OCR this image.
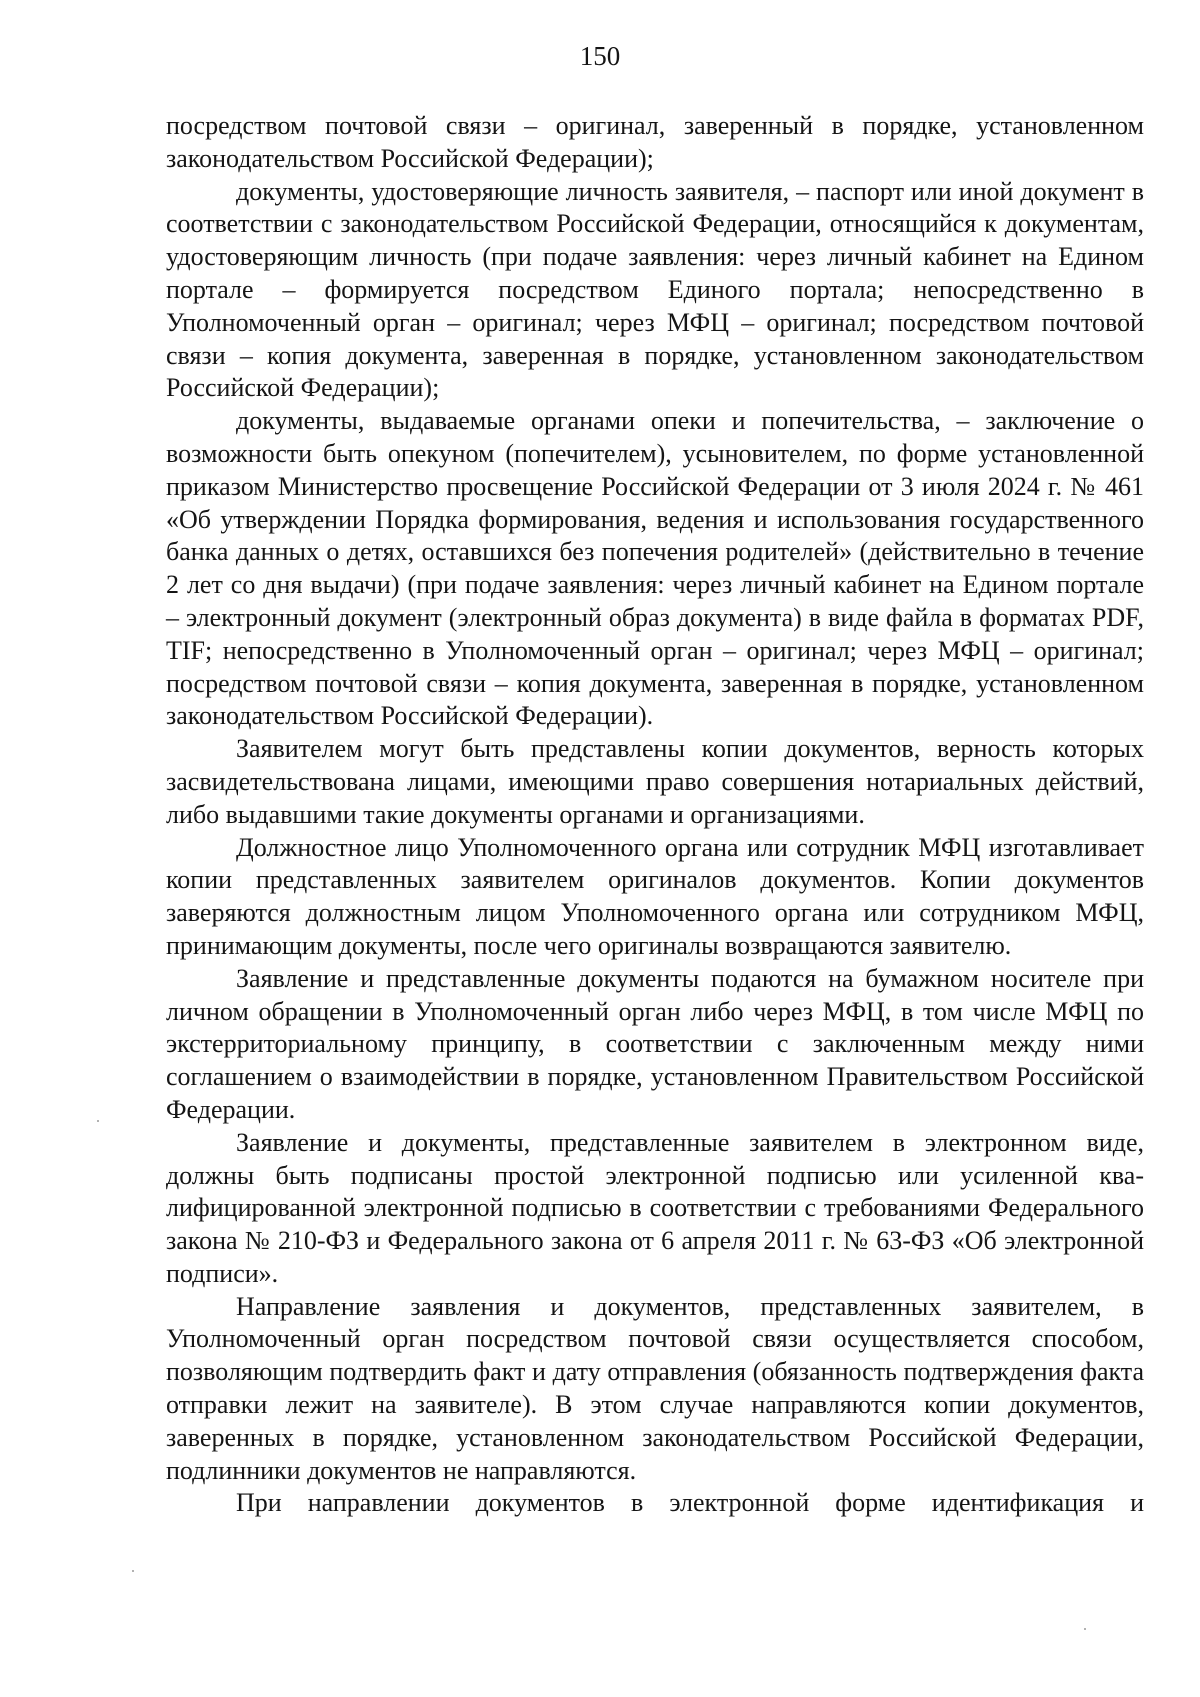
150

посредством почтовой связи – оригинал, заверенный в порядке, установленном законодательством Российской Федерации);

документы, удостоверяющие личность заявителя, – паспорт или иной документ в соответствии с законодательством Российской Федерации, относящийся к документам, удостоверяющим личность (при подаче заявления: через личный кабинет на Едином портале – формируется посредством Единого портала; непосредственно в Уполномоченный орган – оригинал; через МФЦ – оригинал; посредством почтовой связи – копия документа, заверенная в порядке, установленном законодательством Российской Федерации);

документы, выдаваемые органами опеки и попечительства, – заключение о возможности быть опекуном (попечителем), усыновителем, по форме установленной приказом Министерство просвещение Российской Федерации от 3 июля 2024 г. № 461 «Об утверждении Порядка формирования, ведения и использования государственного банка данных о детях, оставшихся без попечения родителей» (действительно в течение 2 лет со дня выдачи) (при подаче заявления: через личный кабинет на Едином портале – электронный документ (электронный образ документа) в виде файла в форматах PDF, TIF; непосредственно в Уполномоченный орган – оригинал; через МФЦ – оригинал; посредством почтовой связи – копия документа, заверенная в порядке, установленном законодательством Российской Федерации).

Заявителем могут быть представлены копии документов, верность которых засвидетельствована лицами, имеющими право совершения нотариальных действий, либо выдавшими такие документы органами и организациями.

Должностное лицо Уполномоченного органа или сотрудник МФЦ изготавливает копии представленных заявителем оригиналов документов. Копии документов заверяются должностным лицом Уполномоченного органа или сотрудником МФЦ, принимающим документы, после чего оригиналы возвращаются заявителю.

Заявление и представленные документы подаются на бумажном носителе при личном обращении в Уполномоченный орган либо через МФЦ, в том числе МФЦ по экстерриториальному принципу, в соответствии с заключенным между ними соглашением о взаимодействии в порядке, установленном Правительством Российской Федерации.

Заявление и документы, представленные заявителем в электронном виде, должны быть подписаны простой электронной подписью или усиленной квалифицированной электронной подписью в соответствии с требованиями Федерального закона № 210-ФЗ и Федерального закона от 6 апреля 2011 г. № 63-ФЗ «Об электронной подписи».

Направление заявления и документов, представленных заявителем, в Уполномоченный орган посредством почтовой связи осуществляется способом, позволяющим подтвердить факт и дату отправления (обязанность подтверждения факта отправки лежит на заявителе). В этом случае направляются копии документов, заверенных в порядке, установленном законодательством Российской Федерации, подлинники документов не направляются.

При направлении документов в электронной форме идентификация и
